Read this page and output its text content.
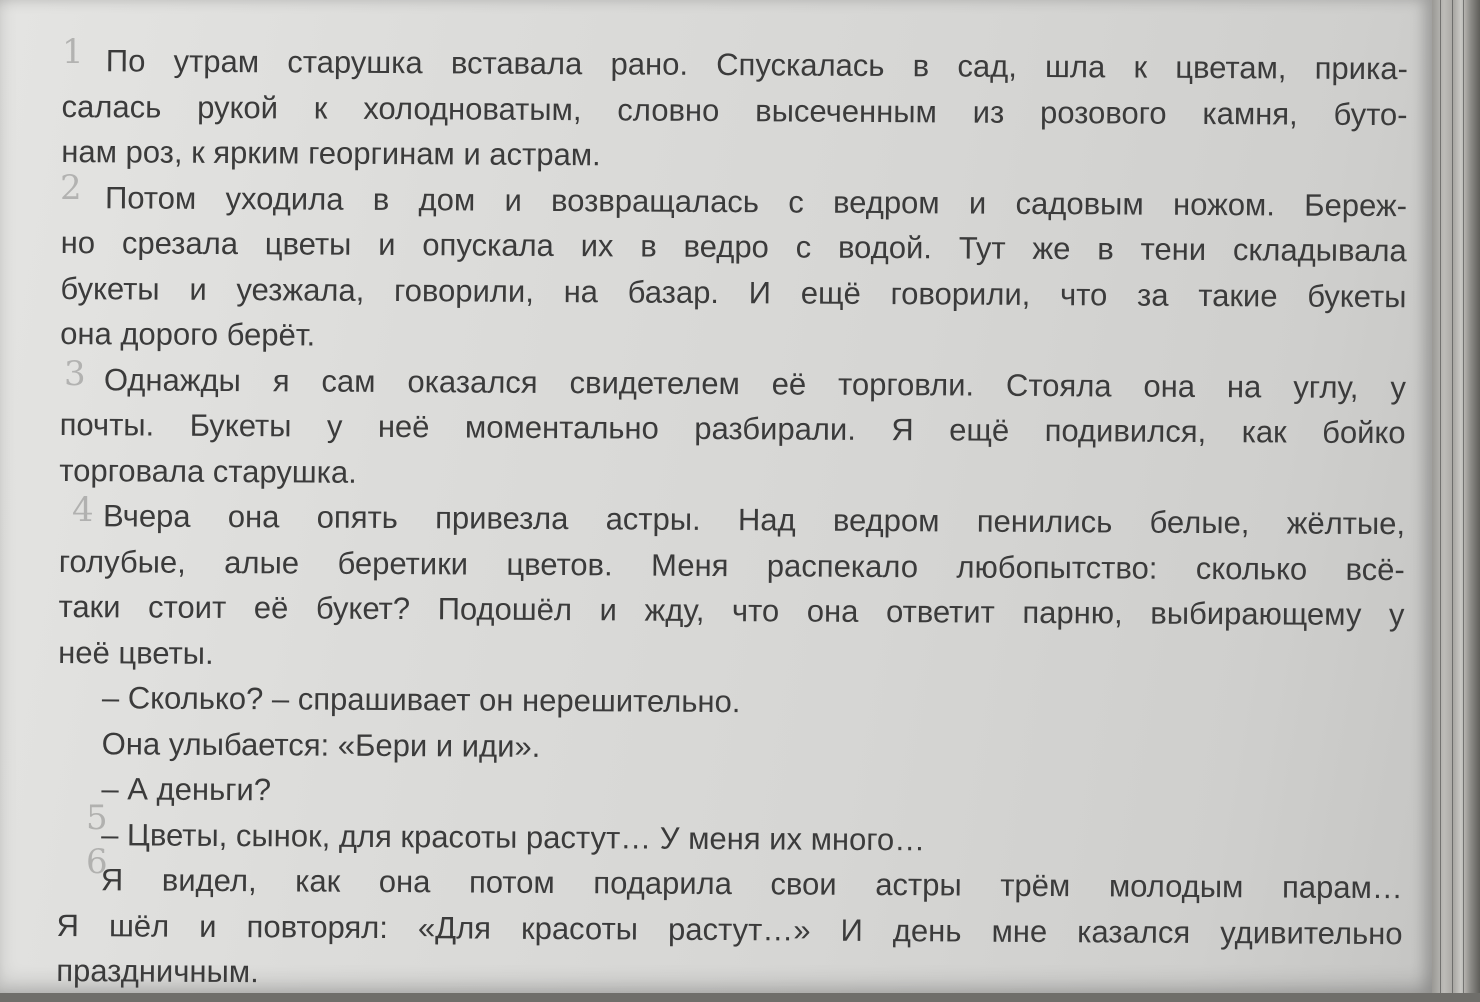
1
2
3
4
5
6
По утрам старушка вставала рано. Спускалась в сад, шла к цветам, прика-
салась рукой к холодноватым, словно высеченным из розового камня, буто-
нам роз, к ярким георгинам и астрам.
Потом уходила в дом и возвращалась с ведром и садовым ножом. Береж-
но срезала цветы и опускала их в ведро с водой. Тут же в тени складывала
букеты и уезжала, говорили, на базар. И ещё говорили, что за такие букеты
она дорого берёт.
Однажды я сам оказался свидетелем её торговли. Стояла она на углу, у
почты. Букеты у неё моментально разбирали. Я ещё подивился, как бойко
торговала старушка.
Вчера она опять привезла астры. Над ведром пенились белые, жёлтые,
голубые, алые беретики цветов. Меня распекало любопытство: сколько всё-
таки стоит её букет? Подошёл и жду, что она ответит парню, выбирающему у
неё цветы.
– Сколько? – спрашивает он нерешительно.
Она улыбается: «Бери и иди».
– А деньги?
– Цветы, сынок, для красоты растут… У меня их много…
Я видел, как она потом подарила свои астры трём молодым парам…
Я шёл и повторял: «Для красоты растут…» И день мне казался удивительно
праздничным.
